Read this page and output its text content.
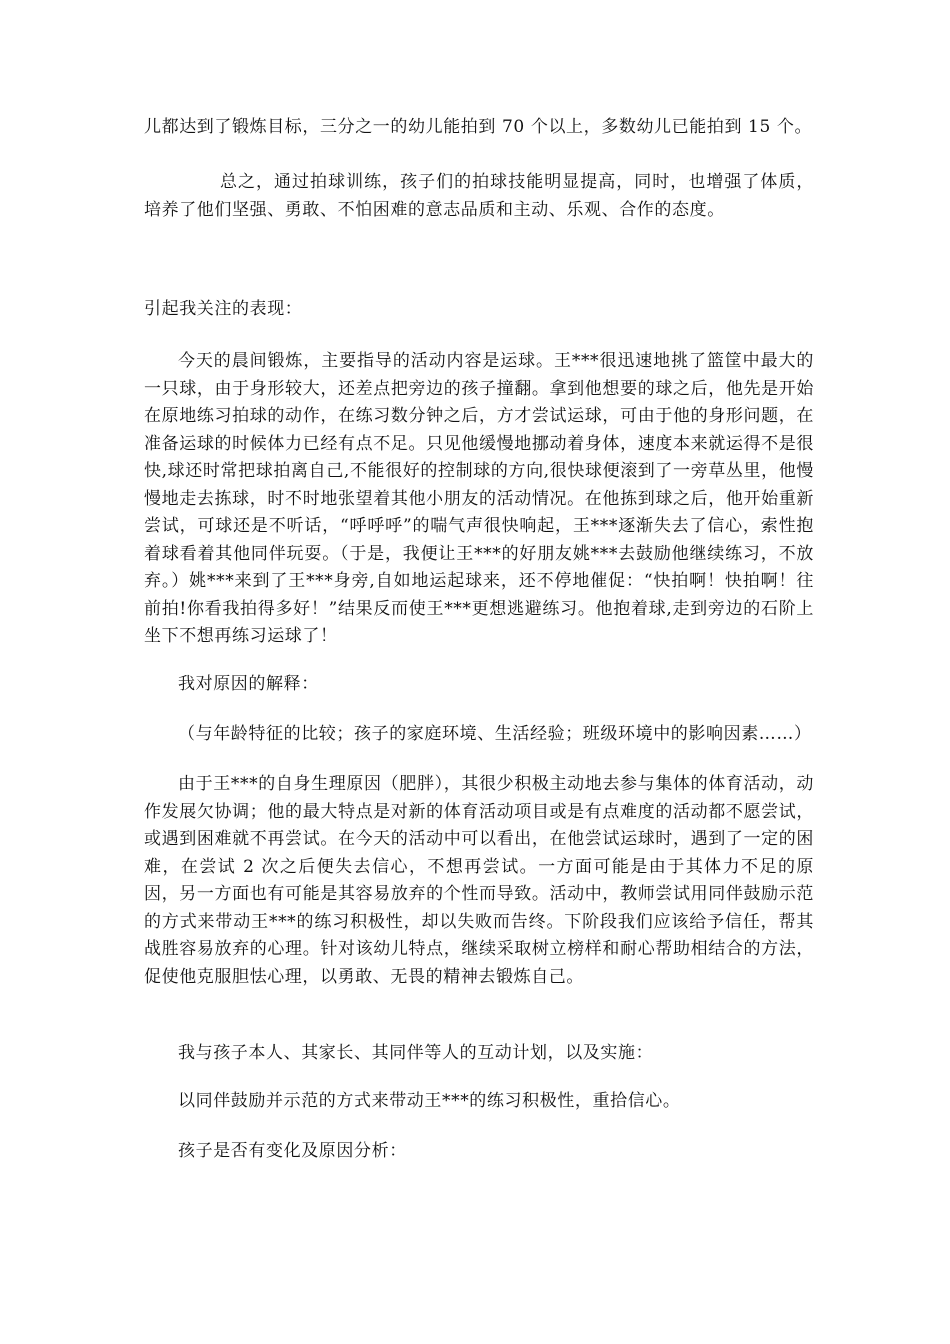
儿都达到了锻炼目标，三分之一的幼儿能拍到 70 个以上，多数幼儿已能拍到 15 个。

总之，通过拍球训练，孩子们的拍球技能明显提高，同时，也增强了体质，培养了他们坚强、勇敢、不怕困难的意志品质和主动、乐观、合作的态度。

引起我关注的表现：

今天的晨间锻炼，主要指导的活动内容是运球。王***很迅速地挑了篮筐中最大的一只球，由于身形较大，还差点把旁边的孩子撞翻。拿到他想要的球之后，他先是开始在原地练习拍球的动作，在练习数分钟之后，方才尝试运球，可由于他的身形问题，在准备运球的时候体力已经有点不足。只见他缓慢地挪动着身体，速度本来就运得不是很快,球还时常把球拍离自己,不能很好的控制球的方向,很快球便滚到了一旁草丛里，他慢慢地走去拣球，时不时地张望着其他小朋友的活动情况。在他拣到球之后，他开始重新尝试，可球还是不听话，“呼呼呼”的喘气声很快响起，王***逐渐失去了信心，索性抱着球看着其他同伴玩耍。（于是，我便让王***的好朋友姚***去鼓励他继续练习，不放弃。）姚***来到了王***身旁,自如地运起球来，还不停地催促：“快拍啊！快拍啊！往前拍!你看我拍得多好！”结果反而使王***更想逃避练习。他抱着球,走到旁边的石阶上坐下不想再练习运球了！

我对原因的解释：

（与年龄特征的比较；孩子的家庭环境、生活经验；班级环境中的影响因素……）

由于王***的自身生理原因（肥胖），其很少积极主动地去参与集体的体育活动，动作发展欠协调；他的最大特点是对新的体育活动项目或是有点难度的活动都不愿尝试，或遇到困难就不再尝试。在今天的活动中可以看出，在他尝试运球时，遇到了一定的困难，在尝试 2 次之后便失去信心，不想再尝试。一方面可能是由于其体力不足的原因，另一方面也有可能是其容易放弃的个性而导致。活动中，教师尝试用同伴鼓励示范的方式来带动王***的练习积极性，却以失败而告终。下阶段我们应该给予信任，帮其战胜容易放弃的心理。针对该幼儿特点，继续采取树立榜样和耐心帮助相结合的方法，促使他克服胆怯心理，以勇敢、无畏的精神去锻炼自己。

我与孩子本人、其家长、其同伴等人的互动计划，以及实施：

以同伴鼓励并示范的方式来带动王***的练习积极性，重拾信心。

孩子是否有变化及原因分析：
